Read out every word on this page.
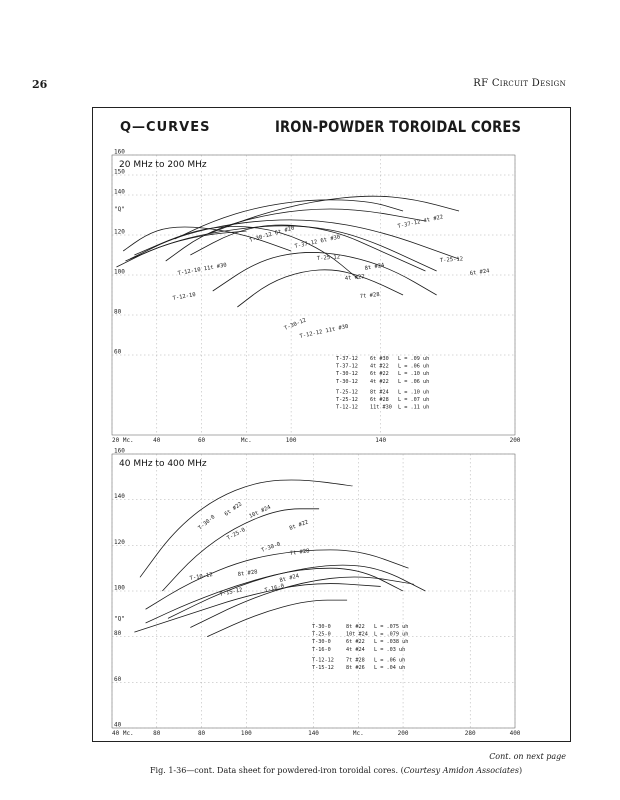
26	RF Circuit Design
Q—CURVES	IRON-POWDER TOROIDAL CORES
20 Mc.	40	60	Mc.	100	140	200
160
150
140
120
100
80
60
"Q"
20 MHz to 200 MHz
T-37-12 4t #22
T-30-12 6t #20 T-37-12 6t #30
T-12-10 11t #30
T-25-12
8t #24
T-25-12
6t #24
T-12-10
4t #22
7t #28
T-30-12
T-12-12 11t #30
T-37-12 6t #30 L = .09 uh
T-37-12 4t #22 L = .06 uh
T-30-12 6t #22 L = .10 uh
T-30-12 4t #22 L = .06 uh
T-25-12 8t #24 L = .10 uh
T-25-12 6t #28 L = .07 uh
T-12-12 11t #30 L = .11 uh
40 Mc.	80	80	100	140	Mc.	200	280	400
160
140
120
100
80
60
40
"Q"
40 MHz to 400 MHz
T-30-0
6t #22
T-25-0
10t #24
T-30-0
8t #22
7t #28
T-10-12	8t #28
T-15-12	T-16-0
8t #24
T-30-0	8t #22 L = .075 uh
T-25-0	10t #24 L = .079 uh
T-30-0	6t #22 L = .038 uh
T-16-0	4t #24 L = .03 uh
T-12-12 7t #28 L = .06 uh
T-15-12 8t #26 L = .04 uh
Cont. on next page
Fig. 1-36—cont. Data sheet for powdered-iron toroidal cores. (Courtesy Amidon Associates)
